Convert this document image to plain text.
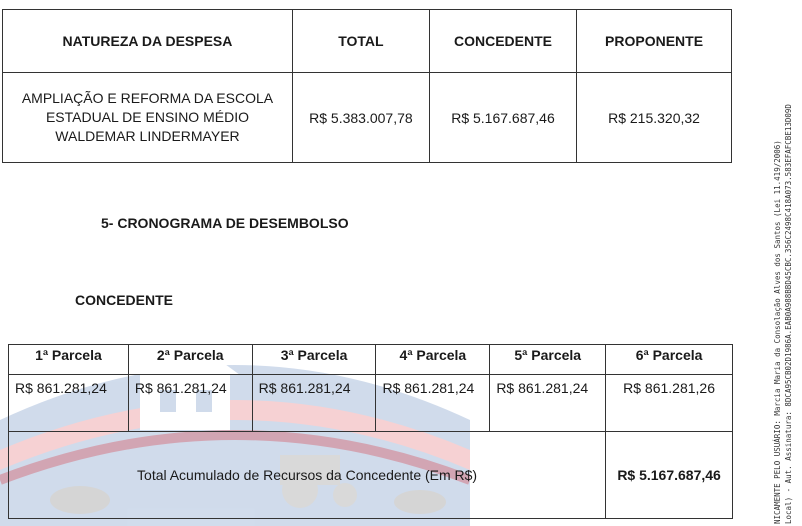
NATUREZA DA DESPESA	TOTAL	CONCEDENTE	PROPONENTE
AMPLIAÇÃO E REFORMA DA ESCOLA ESTADUAL DE ENSINO MÉDIO WALDEMAR LINDERMAYER	R$ 5.383.007,78	R$ 5.167.687,46	R$ 215.320,32
5- CRONOGRAMA DE DESEMBOLSO
CONCEDENTE
1ª Parcela	2ª Parcela	3ª Parcela	4ª Parcela	5ª Parcela	6ª Parcela
R$ 861.281,24	R$ 861.281,24	R$ 861.281,24	R$ 861.281,24	R$ 861.281,24	R$ 861.281,26
Total Acumulado de Recursos da Concedente (Em R$)					R$ 5.167.687,46	NICAMENTE PELO USUÁRIO: Marcia Maria da Consolação Alves dos Santos (Lei 11.419/2006) Local) - Aut. Assinatura: 8DCA95CB02D1986A.EAB0A988BBD45CBC.356C2498C418A073.583EFAFCBE13D09D
